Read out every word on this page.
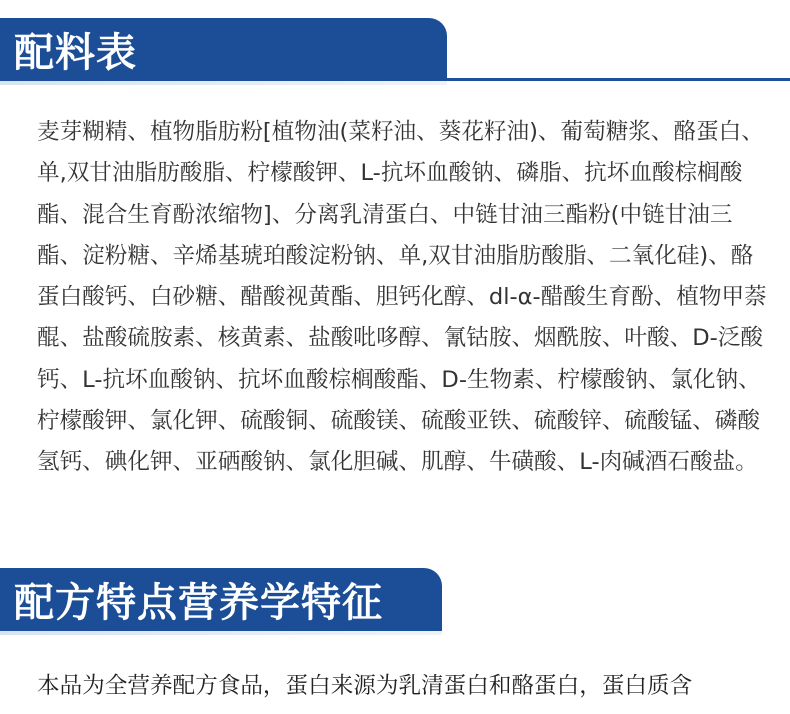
配料表

麦芽糊精、植物脂肪粉[植物油(菜籽油、葵花籽油)、葡萄糖浆、酪蛋白、单,双甘油脂肪酸脂、柠檬酸钾、L-抗坏血酸钠、磷脂、抗坏血酸棕榈酸酯、混合生育酚浓缩物]、分离乳清蛋白、中链甘油三酯粉(中链甘油三酯、淀粉糖、辛烯基琥珀酸淀粉钠、单,双甘油脂肪酸脂、二氧化硅)、酪蛋白酸钙、白砂糖、醋酸视黄酯、胆钙化醇、dl-α-醋酸生育酚、植物甲萘醌、盐酸硫胺素、核黄素、盐酸吡哆醇、氰钴胺、烟酰胺、叶酸、D-泛酸钙、L-抗坏血酸钠、抗坏血酸棕榈酸酯、D-生物素、柠檬酸钠、氯化钠、柠檬酸钾、氯化钾、硫酸铜、硫酸镁、硫酸亚铁、硫酸锌、硫酸锰、磷酸氢钙、碘化钾、亚硒酸钠、氯化胆碱、肌醇、牛磺酸、L-肉碱酒石酸盐。

配方特点营养学特征

本品为全营养配方食品，蛋白来源为乳清蛋白和酪蛋白，蛋白质含
